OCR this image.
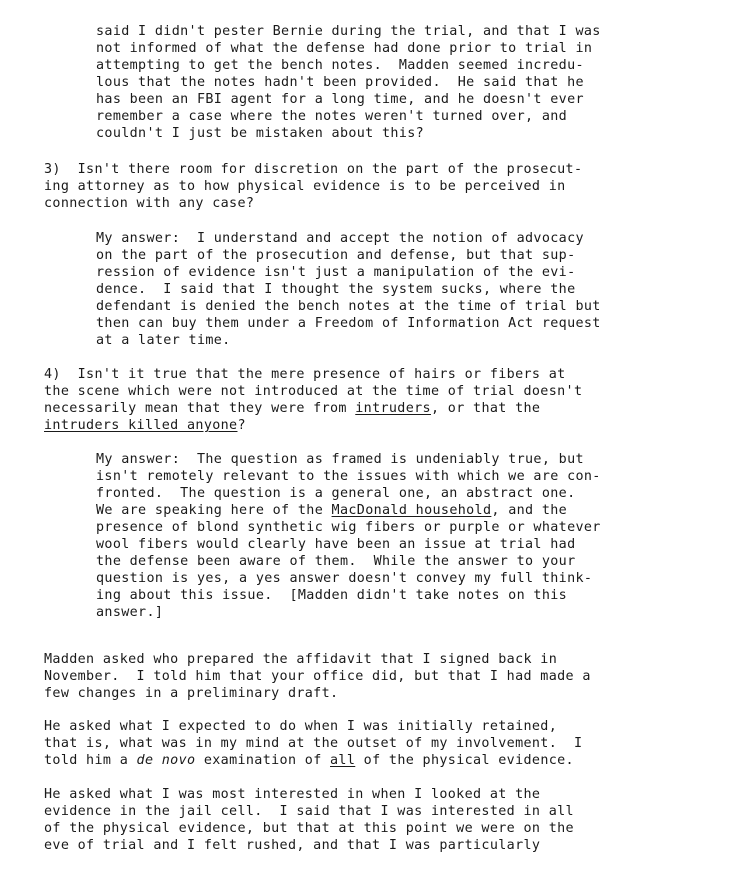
said I didn't pester Bernie during the trial, and that I was
not informed of what the defense had done prior to trial in
attempting to get the bench notes.  Madden seemed incredu-
lous that the notes hadn't been provided.  He said that he
has been an FBI agent for a long time, and he doesn't ever
remember a case where the notes weren't turned over, and
couldn't I just be mistaken about this?
3)  Isn't there room for discretion on the part of the prosecut-
ing attorney as to how physical evidence is to be perceived in
connection with any case?
My answer:  I understand and accept the notion of advocacy
on the part of the prosecution and defense, but that sup-
ression of evidence isn't just a manipulation of the evi-
dence.  I said that I thought the system sucks, where the
defendant is denied the bench notes at the time of trial but
then can buy them under a Freedom of Information Act request
at a later time.
4)  Isn't it true that the mere presence of hairs or fibers at
the scene which were not introduced at the time of trial doesn't
necessarily mean that they were from intruders, or that the
intruders killed anyone?
My answer:  The question as framed is undeniably true, but
isn't remotely relevant to the issues with which we are con-
fronted.  The question is a general one, an abstract one.
We are speaking here of the MacDonald household, and the
presence of blond synthetic wig fibers or purple or whatever
wool fibers would clearly have been an issue at trial had
the defense been aware of them.  While the answer to your
question is yes, a yes answer doesn't convey my full think-
ing about this issue.  [Madden didn't take notes on this
answer.]
Madden asked who prepared the affidavit that I signed back in
November.  I told him that your office did, but that I had made a
few changes in a preliminary draft.
He asked what I expected to do when I was initially retained,
that is, what was in my mind at the outset of my involvement.  I
told him a de novo examination of all of the physical evidence.
He asked what I was most interested in when I looked at the
evidence in the jail cell.  I said that I was interested in all
of the physical evidence, but that at this point we were on the
eve of trial and I felt rushed, and that I was particularly
